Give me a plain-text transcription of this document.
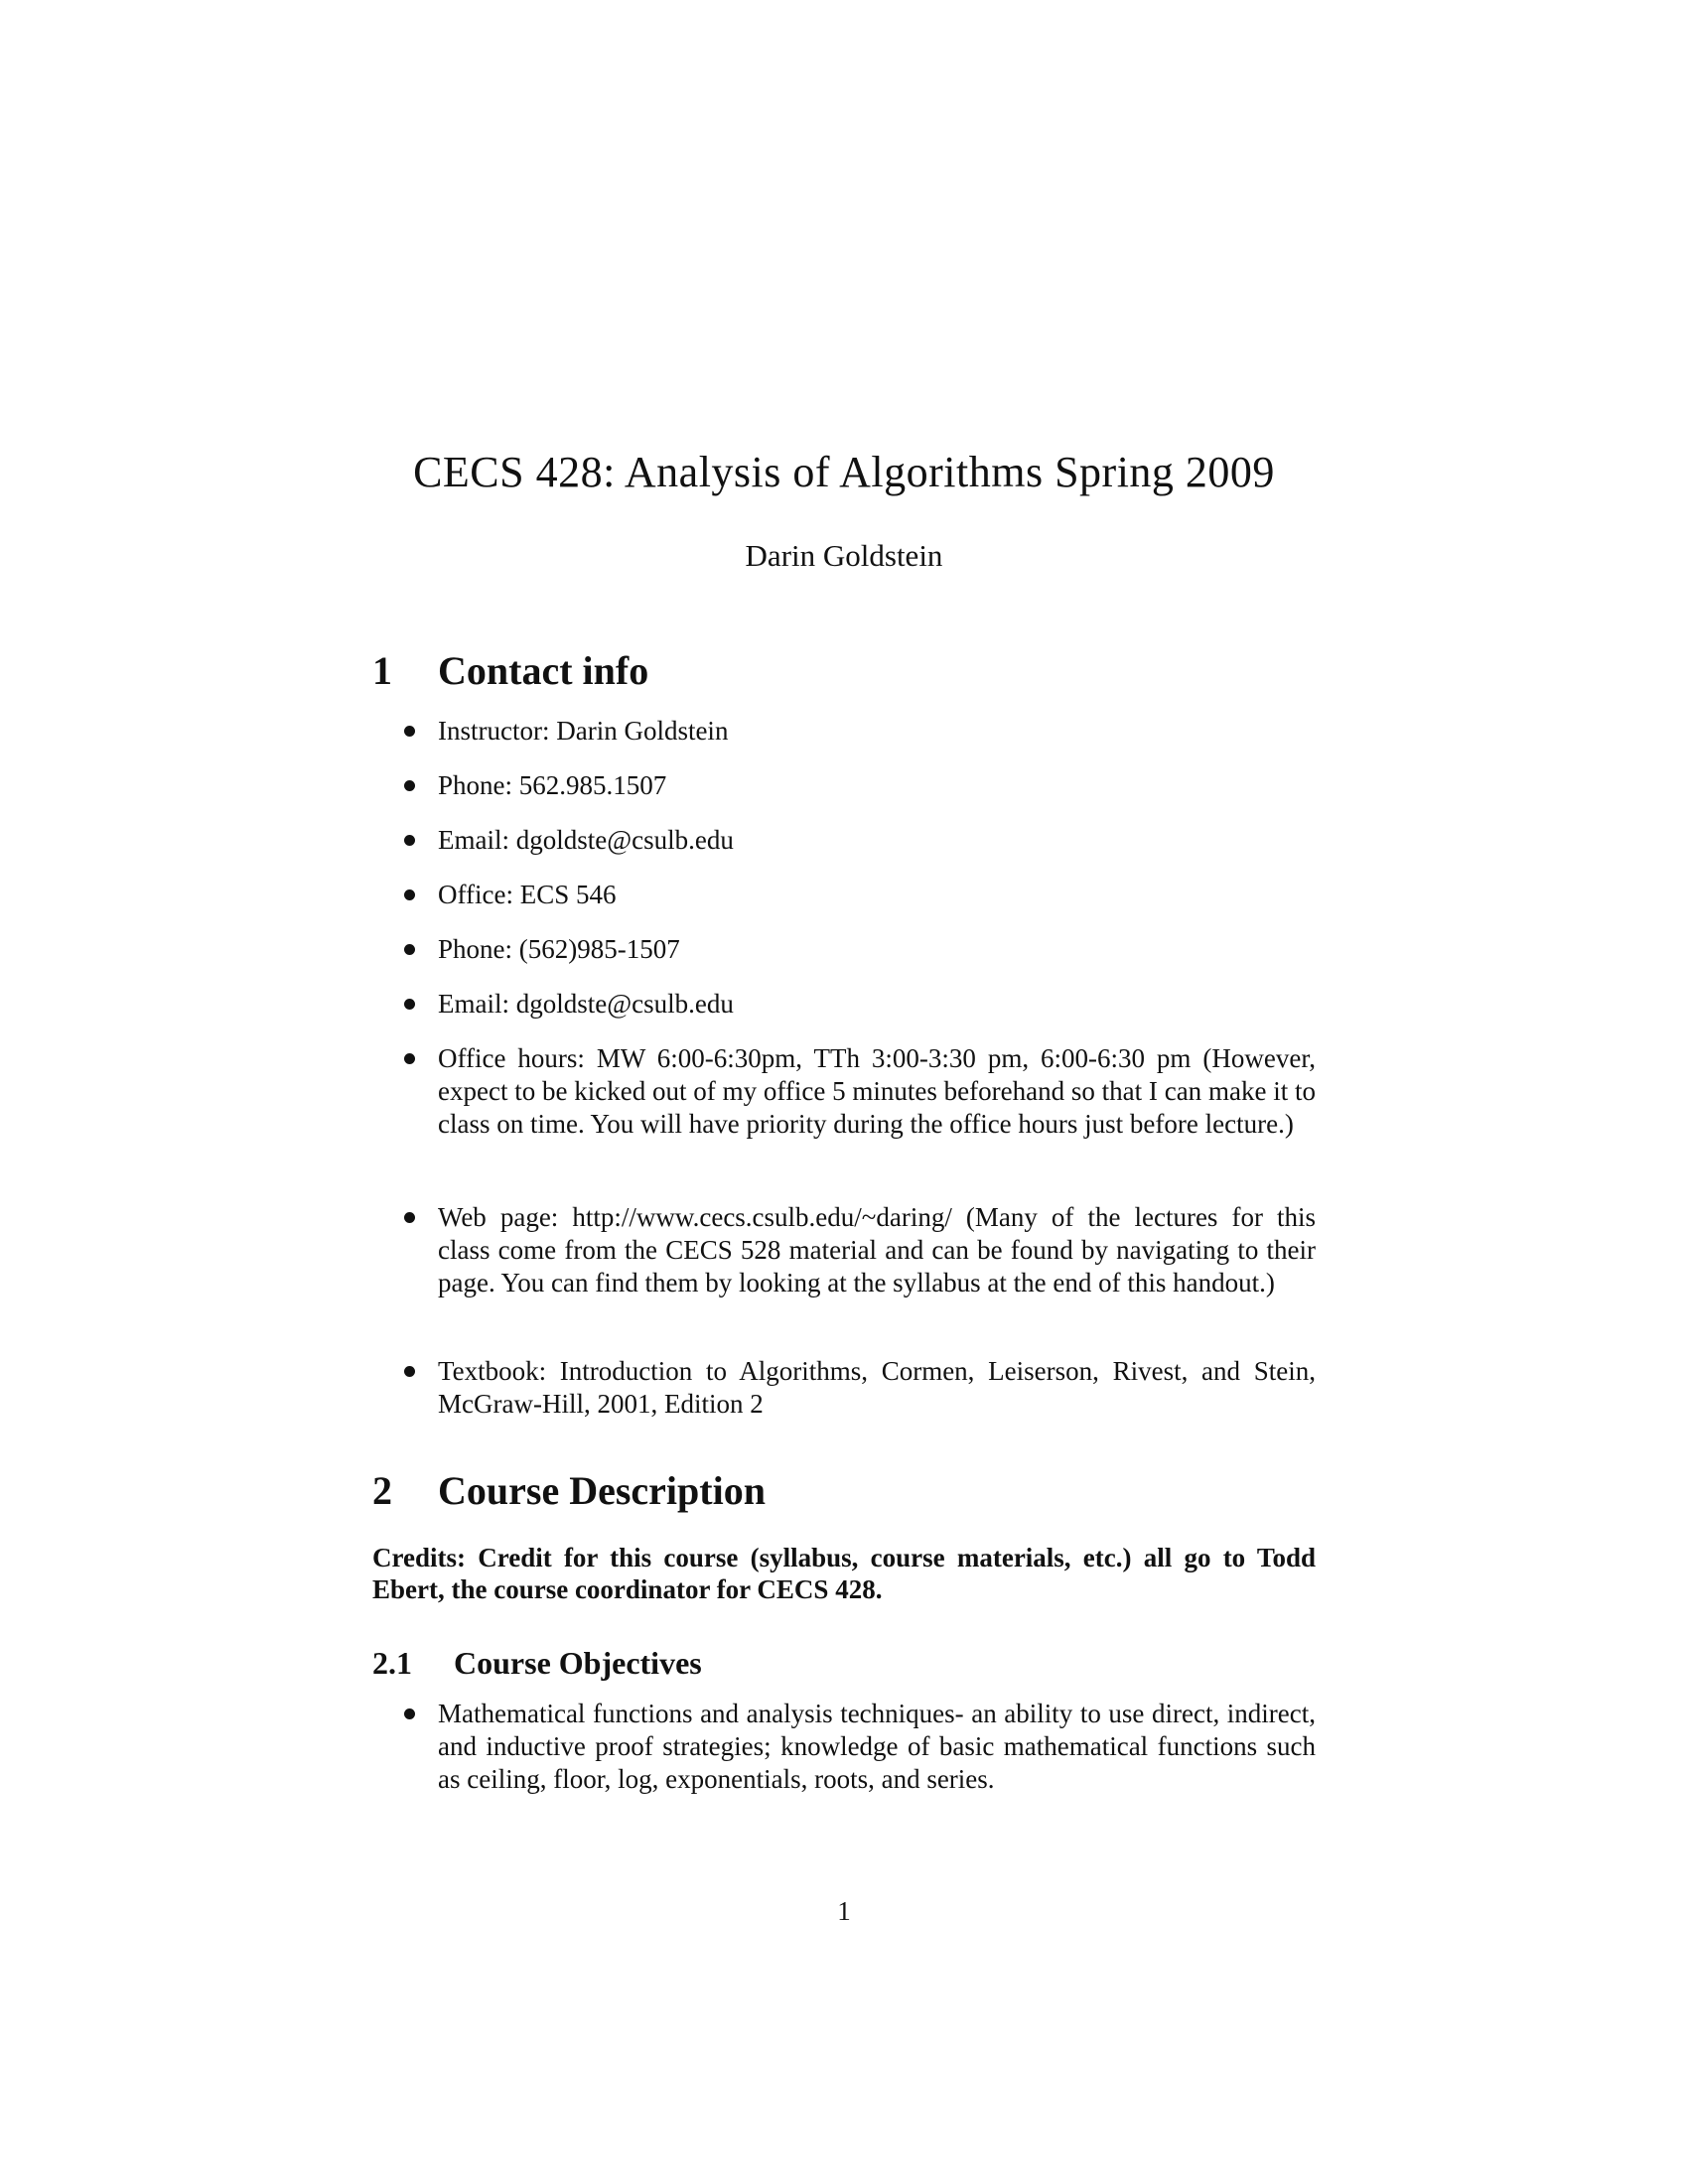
CECS 428: Analysis of Algorithms Spring 2009
Darin Goldstein
1 Contact info
Instructor: Darin Goldstein
Phone: 562.985.1507
Email: dgoldste@csulb.edu
Office: ECS 546
Phone: (562)985-1507
Email: dgoldste@csulb.edu
Office hours: MW 6:00-6:30pm, TTh 3:00-3:30 pm, 6:00-6:30 pm (However, expect to be kicked out of my office 5 minutes beforehand so that I can make it to class on time. You will have priority during the office hours just before lecture.)
Web page: http://www.cecs.csulb.edu/~daring/ (Many of the lectures for this class come from the CECS 528 material and can be found by navigating to their page. You can find them by looking at the syllabus at the end of this handout.)
Textbook: Introduction to Algorithms, Cormen, Leiserson, Rivest, and Stein, McGraw-Hill, 2001, Edition 2
2 Course Description
Credits: Credit for this course (syllabus, course materials, etc.) all go to Todd Ebert, the course coordinator for CECS 428.
2.1 Course Objectives
Mathematical functions and analysis techniques- an ability to use direct, indirect, and inductive proof strategies; knowledge of basic mathematical functions such as ceiling, floor, log, exponentials, roots, and series.
1
